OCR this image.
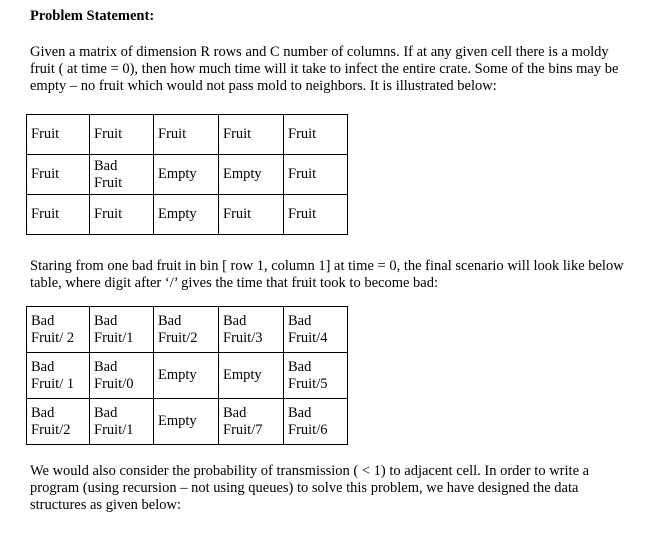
Problem Statement:
Given a matrix of dimension R rows and C number of columns. If at any given cell there is a moldy fruit ( at time = 0), then how much time will it take to infect the entire crate. Some of the bins may be empty – no fruit which would not pass mold to neighbors. It is illustrated below:
Fruit	Fruit	Fruit	Fruit	Fruit
Fruit	Bad Fruit	Empty	Empty	Fruit
Fruit	Fruit	Empty	Fruit	Fruit
Staring from one bad fruit in bin [ row 1, column 1] at time = 0, the final scenario will look like below table, where digit after ‘/’ gives the time that fruit took to become bad:
Bad Fruit/ 2	Bad Fruit/1	Bad Fruit/2	Bad Fruit/3	Bad Fruit/4
Bad Fruit/ 1	Bad Fruit/0	Empty	Empty	Bad Fruit/5
Bad Fruit/2	Bad Fruit/1	Empty	Bad Fruit/7	Bad Fruit/6
We would also consider the probability of transmission ( < 1) to adjacent cell. In order to write a program (using recursion – not using queues) to solve this problem, we have designed the data structures as given below:
